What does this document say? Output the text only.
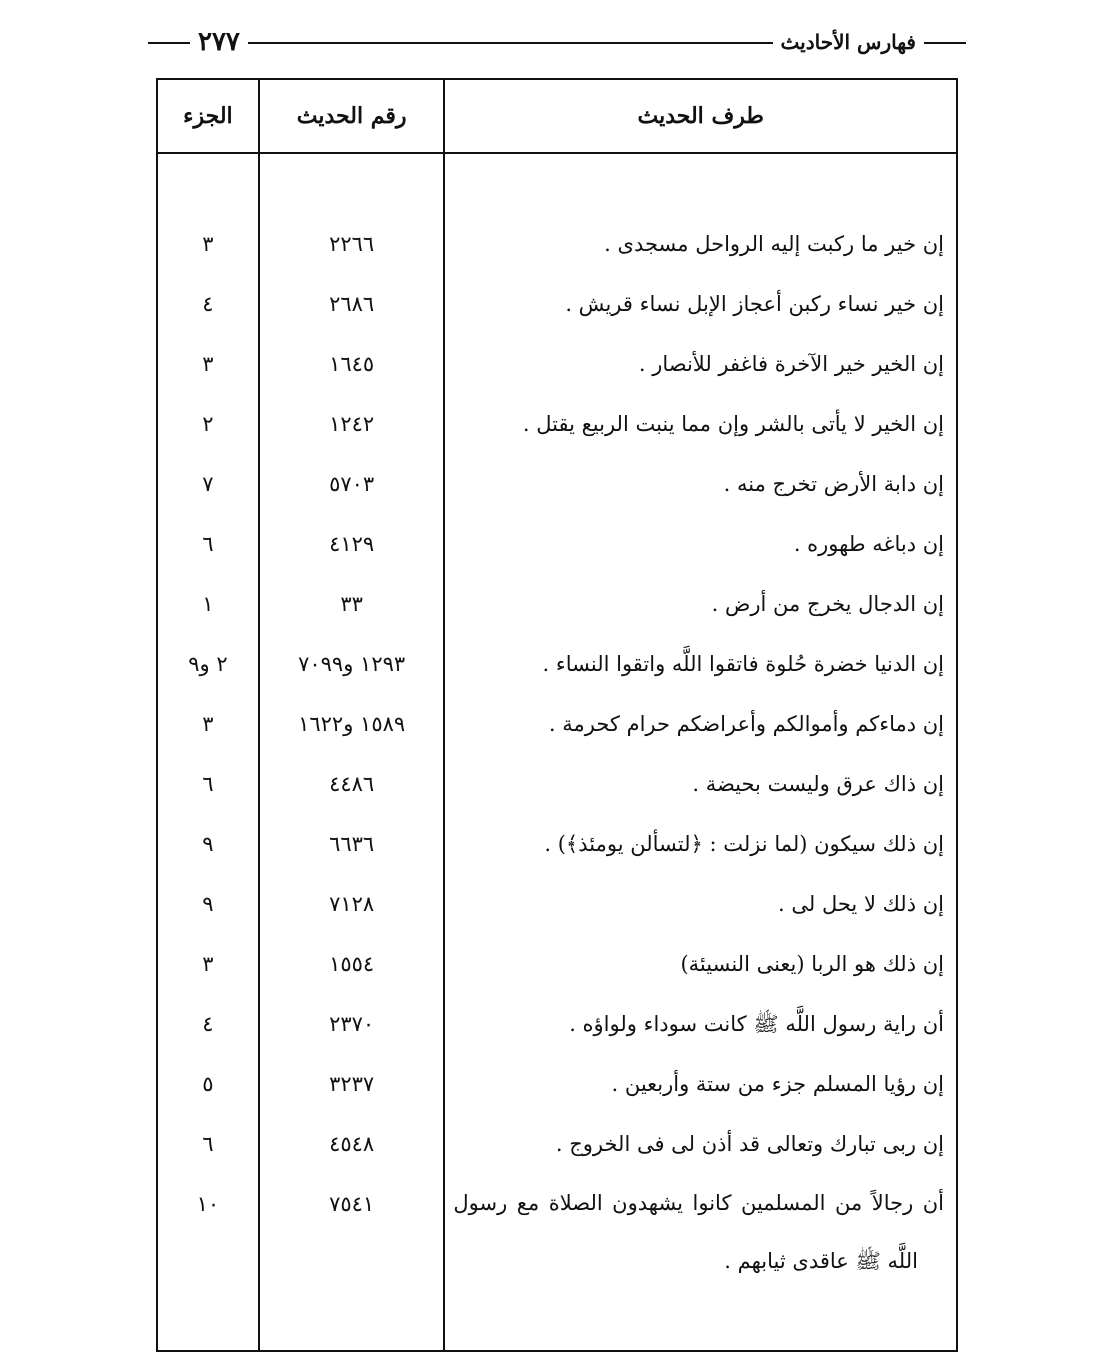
فهارس الأحاديث
٢٧٧
طرف الحديث	رقم الحديث	الجزء

إن خير ما ركبت إليه الرواحل مسجدى .	٢٢٦٦	٣
إن خير نساء ركبن أعجاز الإبل نساء قريش .	٢٦٨٦	٤
إن الخير خير الآخرة فاغفر للأنصار .	١٦٤٥	٣
إن الخير لا يأتى بالشر وإن مما ينبت الربيع يقتل .	١٢٤٢	٢
إن دابة الأرض تخرج منه .	٥٧٠٣	٧
إن دباغه طهوره .	٤١٢٩	٦
إن الدجال يخرج من أرض .	٣٣	١
إن الدنيا خضرة حُلوة فاتقوا اللَّه واتقوا النساء .	١٢٩٣ و٧٠٩٩	٢ و٩
إن دماءكم وأموالكم وأعراضكم حرام كحرمة .	١٥٨٩ و١٦٢٢	٣
إن ذاك عرق وليست بحيضة .	٤٤٨٦	٦
إن ذلك سيكون (لما نزلت : ﴿لتسألن يومئذ﴾) .	٦٦٣٦	٩
إن ذلك لا يحل لى .	٧١٢٨	٩
إن ذلك هو الربا (يعنى النسيئة)	١٥٥٤	٣
أن راية رسول اللَّه ﷺ كانت سوداء ولواؤه .	٢٣٧٠	٤
إن رؤيا المسلم جزء من ستة وأربعين .	٣٢٣٧	٥
إن ربى تبارك وتعالى قد أذن لى فى الخروج .	٤٥٤٨	٦

أن رجالاً من المسلمين كانوا يشهدون الصلاة مع رسول
اللَّه ﷺ عاقدى ثيابهم .	٧٥٤١	١٠
